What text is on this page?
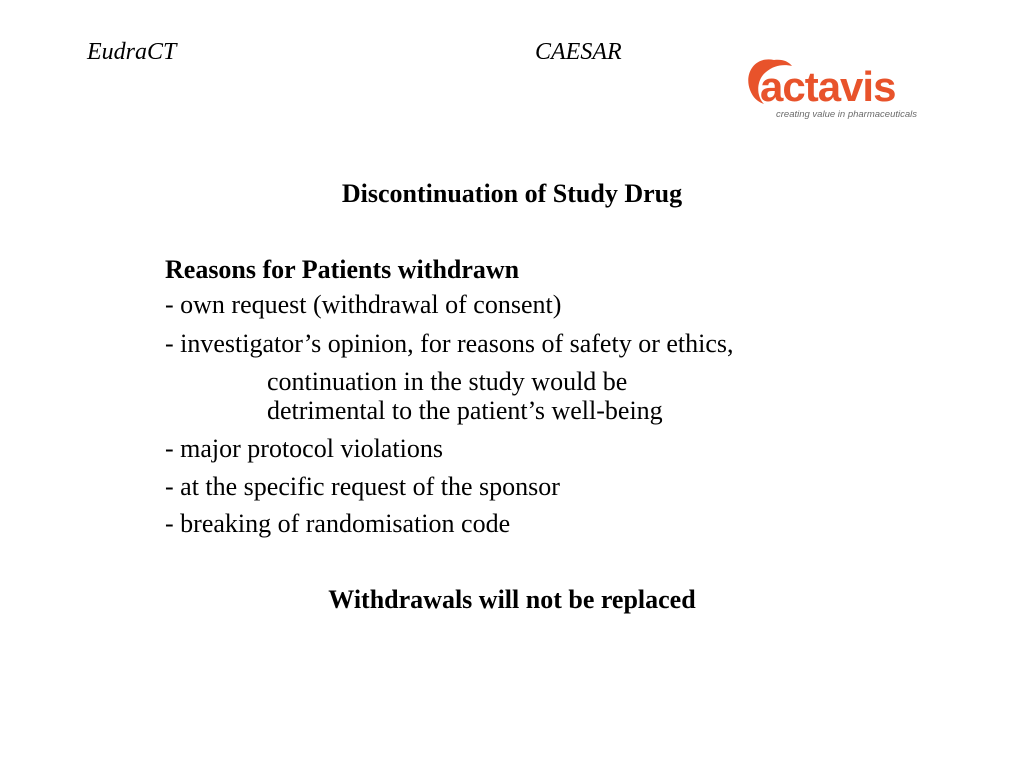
EudraCT	CAESAR
actavis
creating value in pharmaceuticals
Discontinuation of Study Drug
Reasons for Patients withdrawn
- own request (withdrawal of consent)
- investigator’s opinion, for reasons of safety or ethics,
continuation in the study would be
detrimental to the patient’s well-being
- major protocol violations
- at the specific request of the sponsor
- breaking of randomisation code
Withdrawals will not be replaced
